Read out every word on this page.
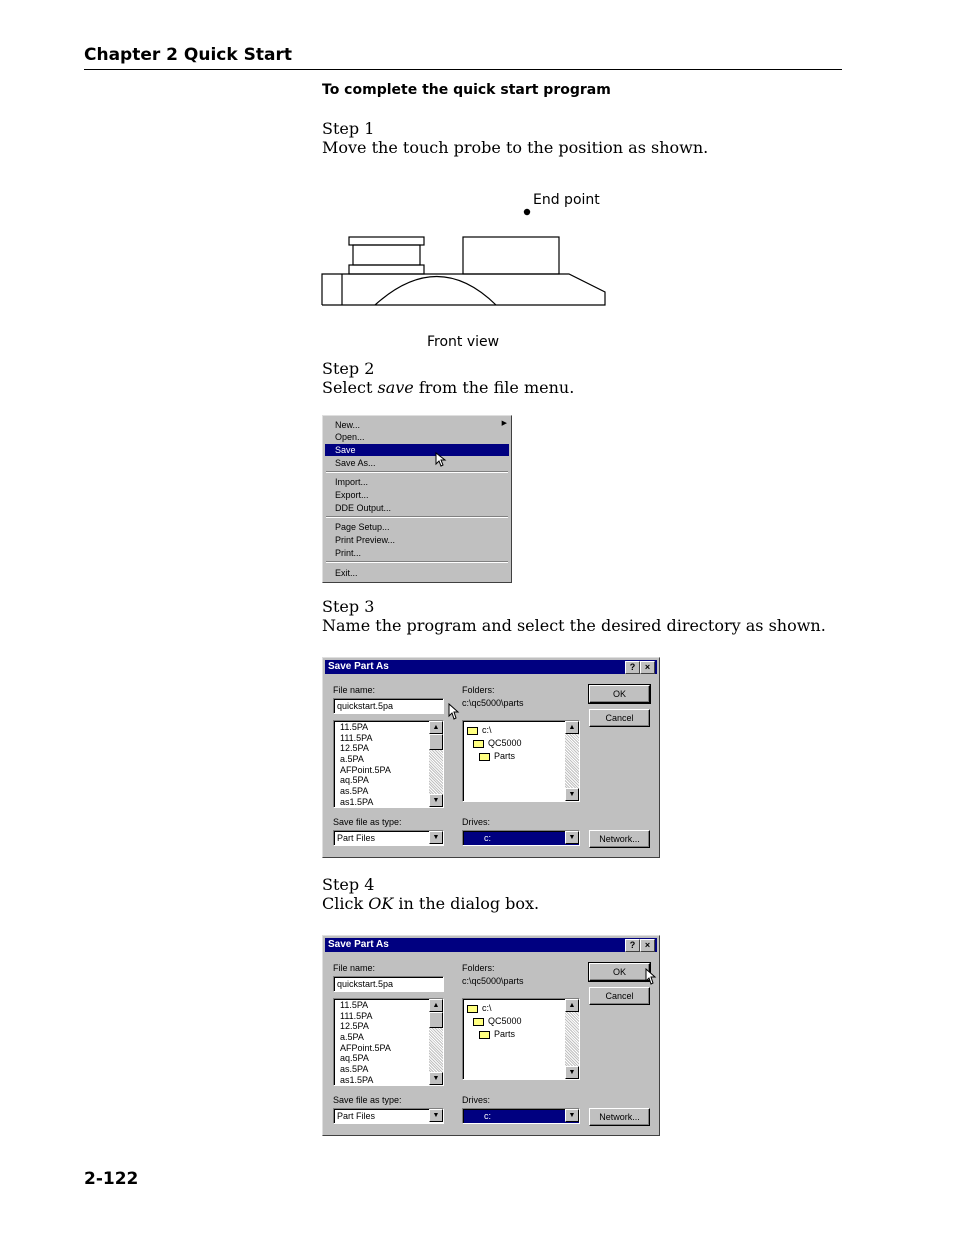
Chapter 2 Quick Start
To complete the quick start program
Step 1
Move the touch probe to the position as shown.
End point
Front view
Step 2
Select save from the file menu.
New...	▶
Open...
Save
Save As...
Import...
Export...
DDE Output...
Page Setup...
Print Preview...
Print...
Exit...
Step 3
Name the program and select the desired directory as shown.
Save Part As	?	×
File name:
quickstart.5pa
11.5PA
111.5PA
12.5PA
a.5PA
AFPoint.5PA
aq.5PA
as.5PA
as1.5PA
▲
▼
Save file as type:
Part Files	▼
Folders:
c:\qc5000\parts
c:\
QC5000
Parts
▲
▼
Drives:
c:	▼
OK
Cancel
Network...
Step 4
Click OK in the dialog box.
Save Part As	?	×
File name:
quickstart.5pa
11.5PA
111.5PA
12.5PA
a.5PA
AFPoint.5PA
aq.5PA
as.5PA
as1.5PA
▲
▼
Save file as type:
Part Files	▼
Folders:
c:\qc5000\parts
c:\
QC5000
Parts
▲
▼
Drives:
c:	▼
OK
Cancel
Network...
2-122
